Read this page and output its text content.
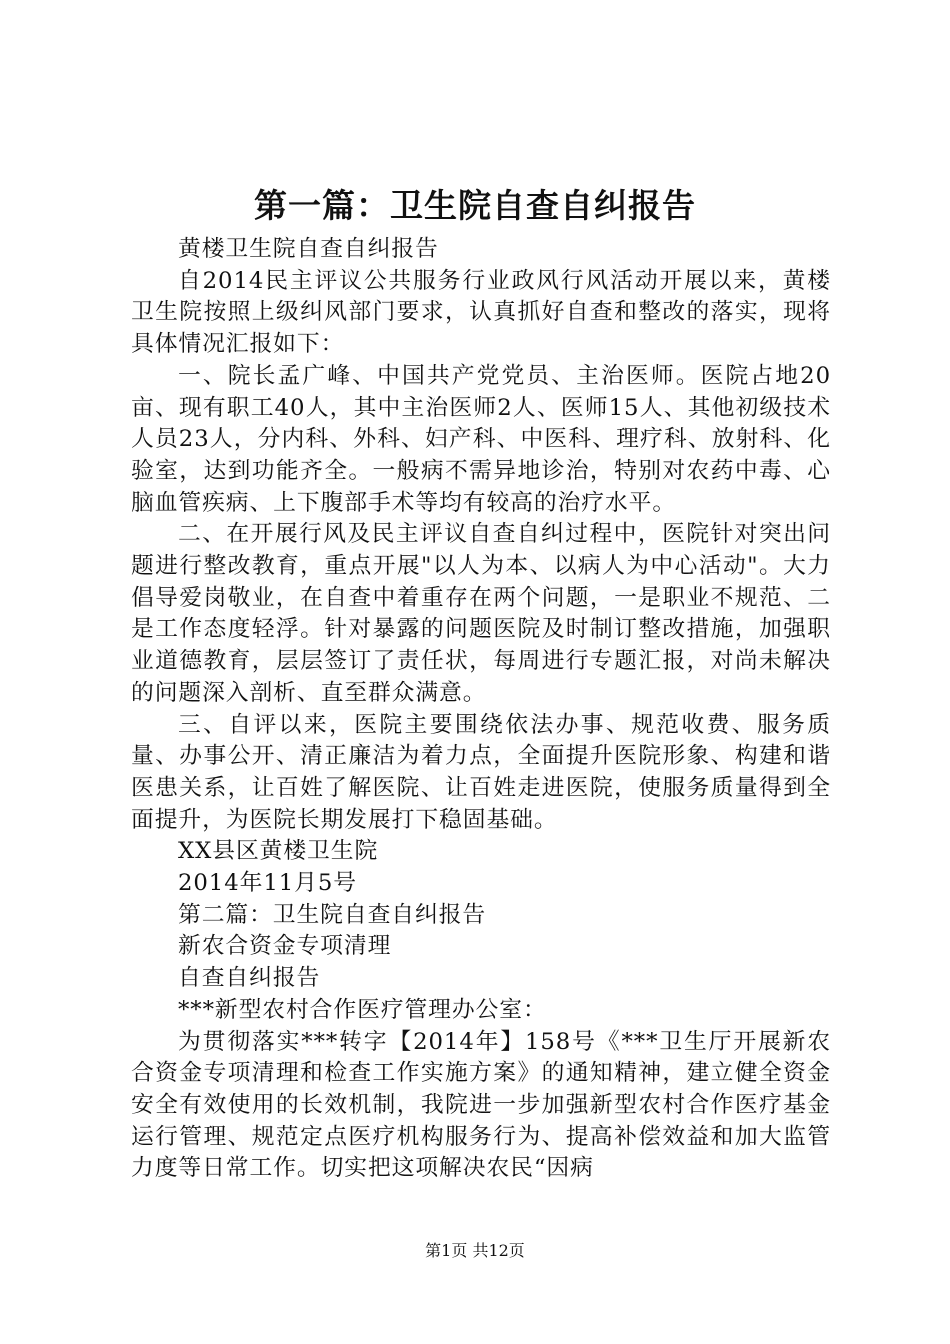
第一篇：卫生院自查自纠报告

黄楼卫生院自查自纠报告

自2014民主评议公共服务行业政风行风活动开展以来，黄楼卫生院按照上级纠风部门要求，认真抓好自查和整改的落实，现将具体情况汇报如下：

一、院长孟广峰、中国共产党党员、主治医师。医院占地20亩、现有职工40人，其中主治医师2人、医师15人、其他初级技术人员23人，分内科、外科、妇产科、中医科、理疗科、放射科、化验室，达到功能齐全。一般病不需异地诊治，特别对农药中毒、心脑血管疾病、上下腹部手术等均有较高的治疗水平。

二、在开展行风及民主评议自查自纠过程中，医院针对突出问题进行整改教育，重点开展"以人为本、以病人为中心活动"。大力倡导爱岗敬业，在自查中着重存在两个问题，一是职业不规范、二是工作态度轻浮。针对暴露的问题医院及时制订整改措施，加强职业道德教育，层层签订了责任状，每周进行专题汇报，对尚未解决的问题深入剖析、直至群众满意。

三、自评以来，医院主要围绕依法办事、规范收费、服务质量、办事公开、清正廉洁为着力点，全面提升医院形象、构建和谐医患关系，让百姓了解医院、让百姓走进医院，使服务质量得到全面提升，为医院长期发展打下稳固基础。

XX县区黄楼卫生院

2014年11月5号

第二篇：卫生院自查自纠报告

新农合资金专项清理

自查自纠报告

***新型农村合作医疗管理办公室：

为贯彻落实***转字【2014年】158号《***卫生厅开展新农合资金专项清理和检查工作实施方案》的通知精神，建立健全资金安全有效使用的长效机制，我院进一步加强新型农村合作医疗基金运行管理、规范定点医疗机构服务行为、提高补偿效益和加大监管力度等日常工作。切实把这项解决农民“因病

第1页 共12页
